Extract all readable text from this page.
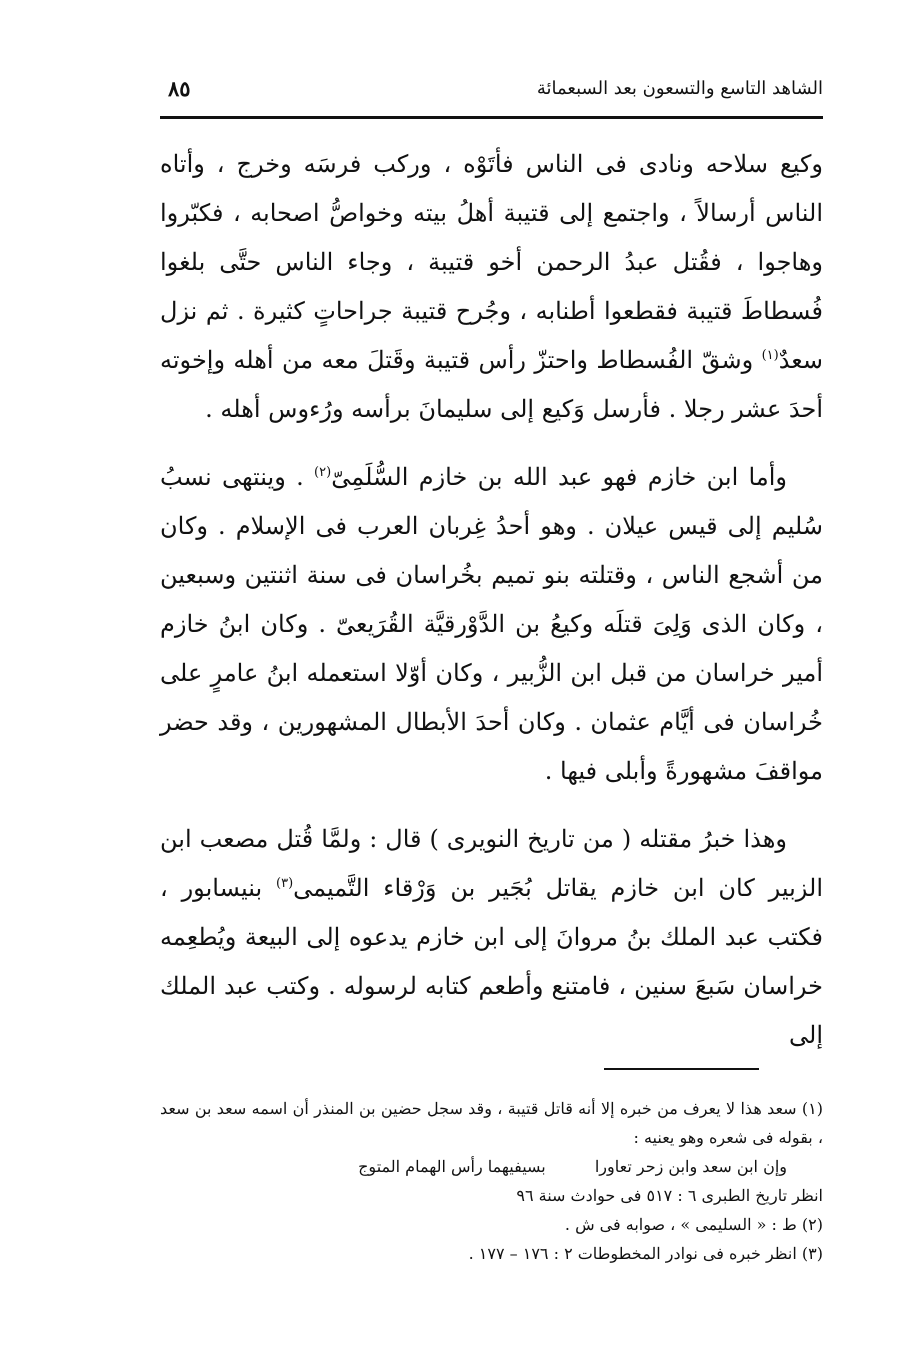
الشاهد التاسع والتسعون بعد السبعمائة
٨٥

وكيع سلاحه ونادى فى الناس فأتَوْه ، وركب فرسَه وخرج ، وأتاه الناس أرسالاً ، واجتمع إلى قتيبة أهلُ بيته وخواصُّ اصحابه ، فكبّروا وهاجوا ، فقُتل عبدُ الرحمن أخو قتيبة ، وجاء الناس حتَّى بلغوا فُسطاطَ قتيبة فقطعوا أطنابه ، وجُرح قتيبة جراحاتٍ كثيرة . ثم نزل سعدٌ$^{(١)}$ وشقّ الفُسطاط واحتزّ رأس قتيبة وقَتلَ معه من أهله وإخوته أحدَ عشر رجلا . فأرسل وَكيع إلى سليمانَ برأسه ورُءوس أهله .

وأما ابن خازم فهو عبد الله بن خازم السُّلَمِىّ$^{(٢)}$ . وينتهى نسبُ سُليم إلى قيس عيلان . وهو أحدُ غِربان العرب فى الإسلام . وكان من أشجع الناس ، وقتلته بنو تميم بخُراسان فى سنة اثنتين وسبعين ، وكان الذى وَلِىَ قتلَه وكيعُ بن الدَّوْرقيَّة القُرَيعىّ . وكان ابنُ خازم أمير خراسان من قبل ابن الزُّبير ، وكان أوّلا استعمله ابنُ عامرٍ على خُراسان فى أيَّام عثمان . وكان أحدَ الأبطال المشهورين ، وقد حضر مواقفَ مشهورةً وأبلى فيها .

وهذا خبرُ مقتله ( من تاريخ النويرى ) قال : ولمَّا قُتل مصعب ابن الزبير كان ابن خازم يقاتل بُجَير بن وَرْقاء التَّميمى$^{(٣)}$ بنيسابور ، فكتب عبد الملك بنُ مروانَ إلى ابن خازم يدعوه إلى البيعة ويُطعِمه خراسان سَبعَ سنين ، فامتنع وأطعم كتابه لرسوله . وكتب عبد الملك إلى

(١) سعد هذا لا يعرف من خبره إلا أنه قاتل قتيبة ، وقد سجل حضين بن المنذر أن اسمه سعد بن سعد ، بقوله فى شعره وهو يعنيه :

وإن ابن سعد وابن زحر تعاورا بسيفيهما رأس الهمام المتوج

انظر تاريخ الطبرى ٦ : ٥١٧ فى حوادث سنة ٩٦

(٢) ط : « السليمى » ، صوابه فى ش .

(٣) انظر خبره فى نوادر المخطوطات ٢ : ١٧٦ – ١٧٧ .
